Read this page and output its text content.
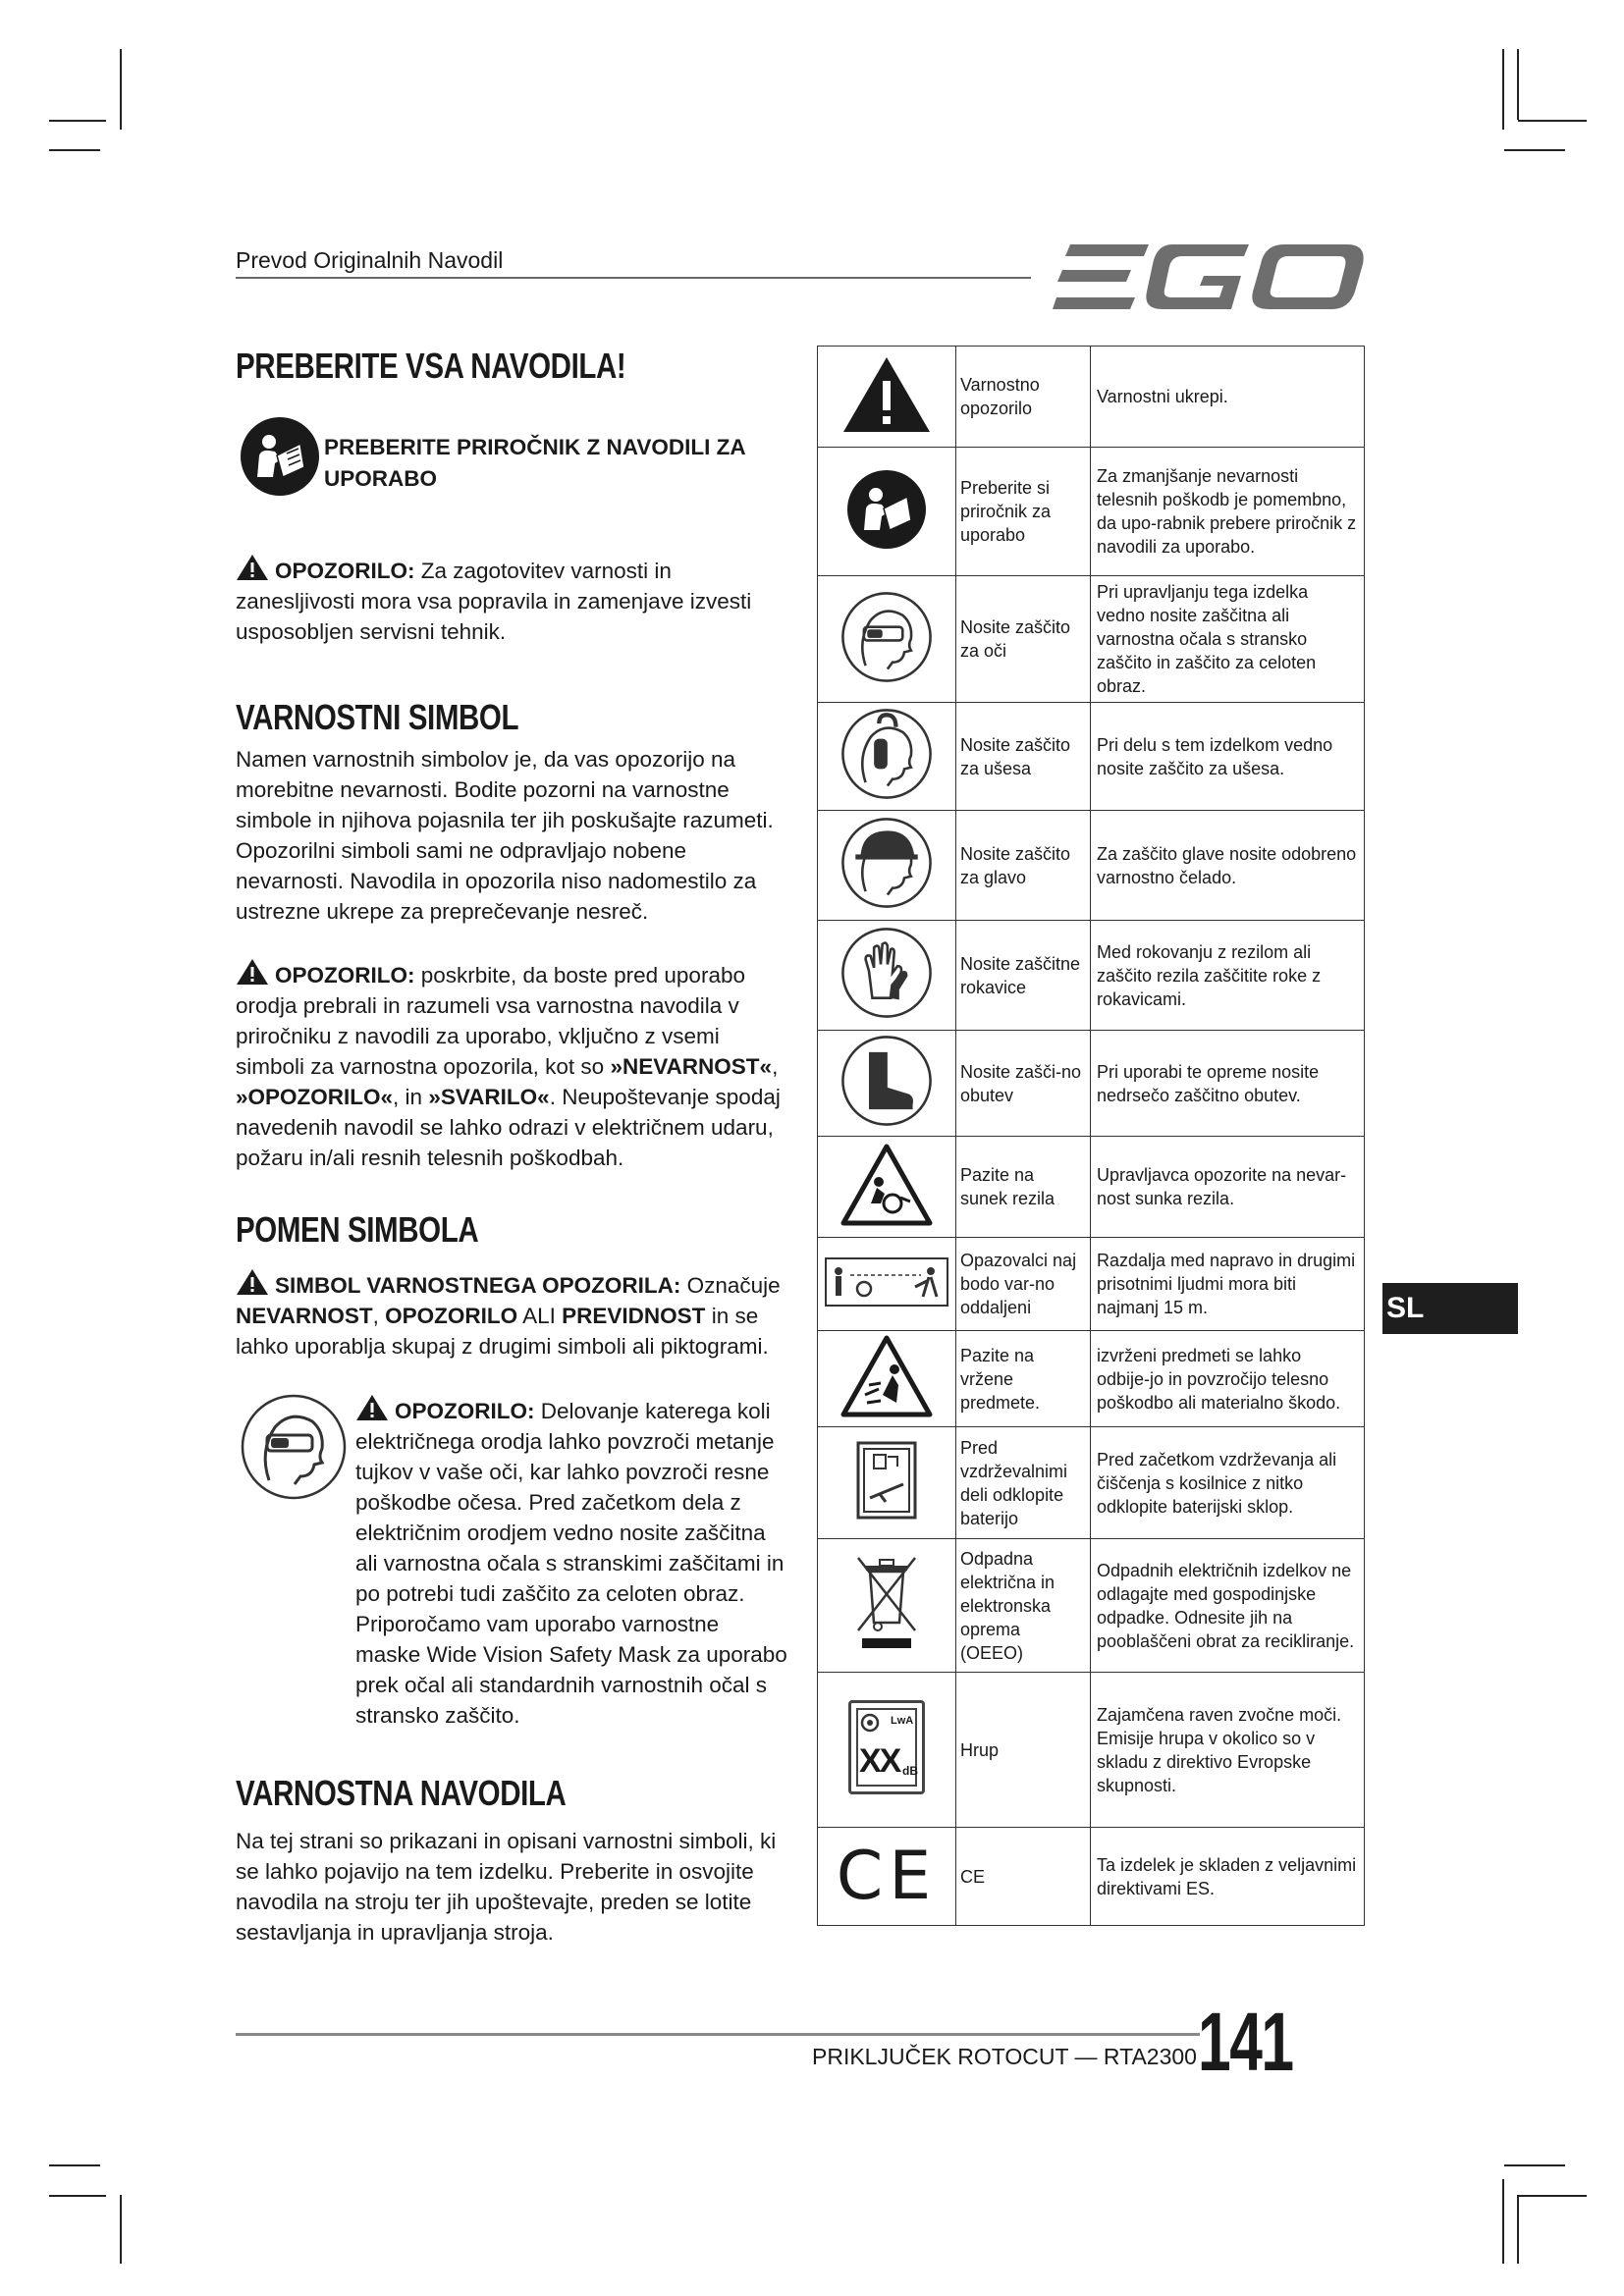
Prevod Originalnih Navodil
PREBERITE VSA NAVODILA!
PREBERITE PRIROČNIK Z NAVODILI ZA UPORABO
OPOZORILO: Za zagotovitev varnosti in zanesljivosti mora vsa popravila in zamenjave izvesti usposobljen servisni tehnik.
VARNOSTNI SIMBOL
Namen varnostnih simbolov je, da vas opozorijo na morebitne nevarnosti. Bodite pozorni na varnostne simbole in njihova pojasnila ter jih poskušajte razumeti. Opozorilni simboli sami ne odpravljajo nobene nevarnosti. Navodila in opozorila niso nadomestilo za ustrezne ukrepe za preprečevanje nesreč.
OPOZORILO: poskrbite, da boste pred uporabo orodja prebrali in razumeli vsa varnostna navodila v priročniku z navodili za uporabo, vključno z vsemi simboli za varnostna opozorila, kot so »NEVARNOST«, »OPOZORILO«, in »SVARILO«. Neupoštevanje spodaj navedenih navodil se lahko odrazi v električnem udaru, požaru in/ali resnih telesnih poškodbah.
POMEN SIMBOLA
SIMBOL VARNOSTNEGA OPOZORILA: Označuje NEVARNOST, OPOZORILO ALI PREVIDNOST in se lahko uporablja skupaj z drugimi simboli ali piktogrami.
OPOZORILO: Delovanje katerega koli električnega orodja lahko povzroči metanje tujkov v vaše oči, kar lahko povzroči resne poškodbe očesa. Pred začetkom dela z električnim orodjem vedno nosite zaščitna ali varnostna očala s stranskimi zaščitami in po potrebi tudi zaščito za celoten obraz. Priporočamo vam uporabo varnostne maske Wide Vision Safety Mask za uporabo prek očal ali standardnih varnostnih očal s stransko zaščito.
VARNOSTNA NAVODILA
Na tej strani so prikazani in opisani varnostni simboli, ki se lahko pojavijo na tem izdelku. Preberite in osvojite navodila na stroju ter jih upoštevajte, preden se lotite sestavljanja in upravljanja stroja.
	Varnostno opozorilo	Varnostni ukrepi.
	Preberite si priročnik za uporabo	Za zmanjšanje nevarnosti telesnih poškodb je pomembno, da upo-rabnik prebere priročnik z navodili za uporabo.
	Nosite zaščito za oči	Pri upravljanju tega izdelka vedno nosite zaščitna ali varnostna očala s stransko zaščito in zaščito za celoten obraz.
	Nosite zaščito za ušesa	Pri delu s tem izdelkom vedno nosite zaščito za ušesa.
	Nosite zaščito za glavo	Za zaščito glave nosite odobreno varnostno čelado.
	Nosite zaščitne rokavice	Med rokovanju z rezilom ali zaščito rezila zaščitite roke z rokavicami.
	Nosite zašči-no obutev	Pri uporabi te opreme nosite nedrsečo zaščitno obutev.
	Pazite na sunek rezila	Upravljavca opozorite na nevar-nost sunka rezila.
	Opazovalci naj bodo var-no oddaljeni	Razdalja med napravo in drugimi prisotnimi ljudmi mora biti najmanj 15 m.
	Pazite na vržene predmete.	izvrženi predmeti se lahko odbije-jo in povzročijo telesno poškodbo ali materialno škodo.
	Pred vzdrževalnimi deli odklopite baterijo	Pred začetkom vzdrževanja ali čiščenja s kosilnice z nitko odklopite baterijski sklop.
	Odpadna električna in elektronska oprema (OEEO)	Odpadnih električnih izdelkov ne odlagajte med gospodinjske odpadke. Odnesite jih na pooblaščeni obrat za recikliranje.

LwA
XX dB	Hrup	Zajamčena raven zvočne moči. Emisije hrupa v okolico so v skladu z direktivo Evropske skupnosti.
CE	CE	Ta izdelek je skladen z veljavnimi direktivami ES.
SL
PRIKLJUČEK ROTOCUT — RTA2300 141
